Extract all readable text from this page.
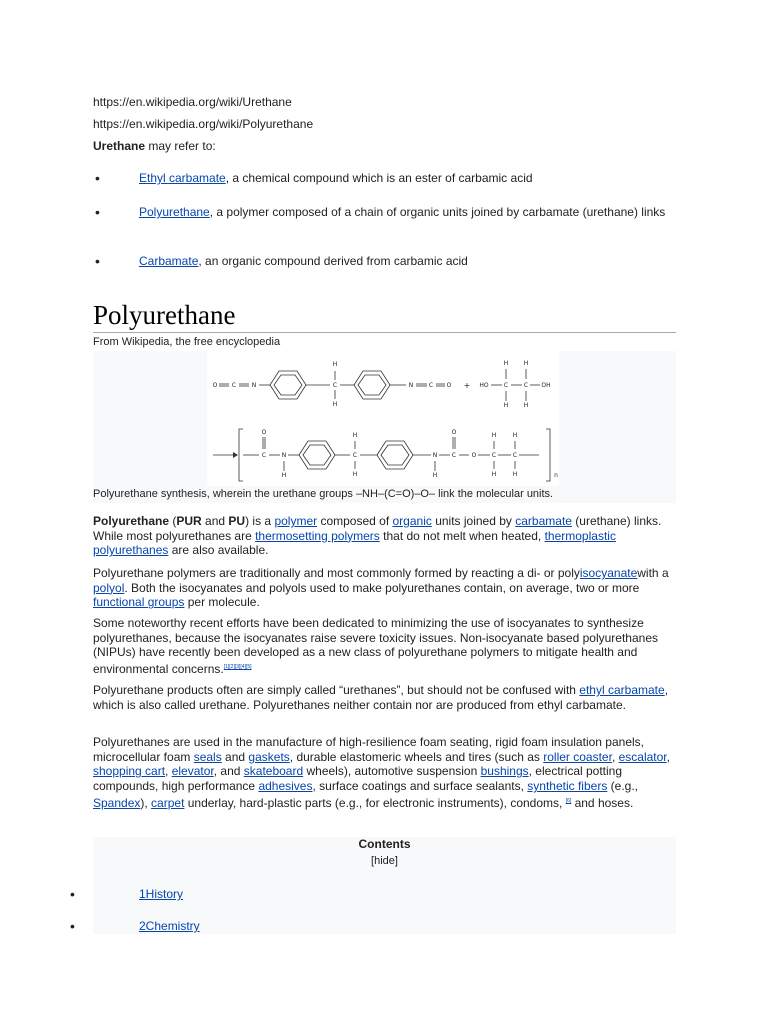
https://en.wikipedia.org/wiki/Urethane
https://en.wikipedia.org/wiki/Polyurethane
Urethane may refer to:
•	Ethyl carbamate, a chemical compound which is an ester of carbamic acid
•	Polyurethane, a polymer composed of a chain of organic units joined by carbamate (urethane) links
•	Carbamate, an organic compound derived from carbamic acid
Polyurethane
From Wikipedia, the free encyclopedia
O C	N
H
C
H
N	C O + HO
H
C
H
H
C
H
OH
O
C	N
H
H
C
H
N
H
O
C	O
H
C
H
H
C
H	n
Polyurethane synthesis, wherein the urethane groups –NH–(C=O)–O– link the molecular units.
Polyurethane (PUR and PU) is a polymer composed of organic units joined by carbamate (urethane) links. While most polyurethanes are thermosetting polymers that do not melt when heated, thermoplastic polyurethanes are also available.
Polyurethane polymers are traditionally and most commonly formed by reacting a di- or polyisocyanatewith a polyol. Both the isocyanates and polyols used to make polyurethanes contain, on average, two or more functional groups per molecule.
Some noteworthy recent efforts have been dedicated to minimizing the use of isocyanates to synthesize polyurethanes, because the isocyanates raise severe toxicity issues. Non-isocyanate based polyurethanes (NIPUs) have recently been developed as a new class of polyurethane polymers to mitigate health and environmental concerns.[1][2][3][4][5]
Polyurethane products often are simply called “urethanes”, but should not be confused with ethyl carbamate, which is also called urethane. Polyurethanes neither contain nor are produced from ethyl carbamate.
Polyurethanes are used in the manufacture of high-resilience foam seating, rigid foam insulation panels, microcellular foam seals and gaskets, durable elastomeric wheels and tires (such as roller coaster, escalator, shopping cart, elevator, and skateboard wheels), automotive suspension bushings, electrical potting compounds, high performance adhesives, surface coatings and surface sealants, synthetic fibers (e.g., Spandex), carpet underlay, hard-plastic parts (e.g., for electronic instruments), condoms, [6] and hoses.
Contents
[hide]
•	1History
•	2Chemistry
